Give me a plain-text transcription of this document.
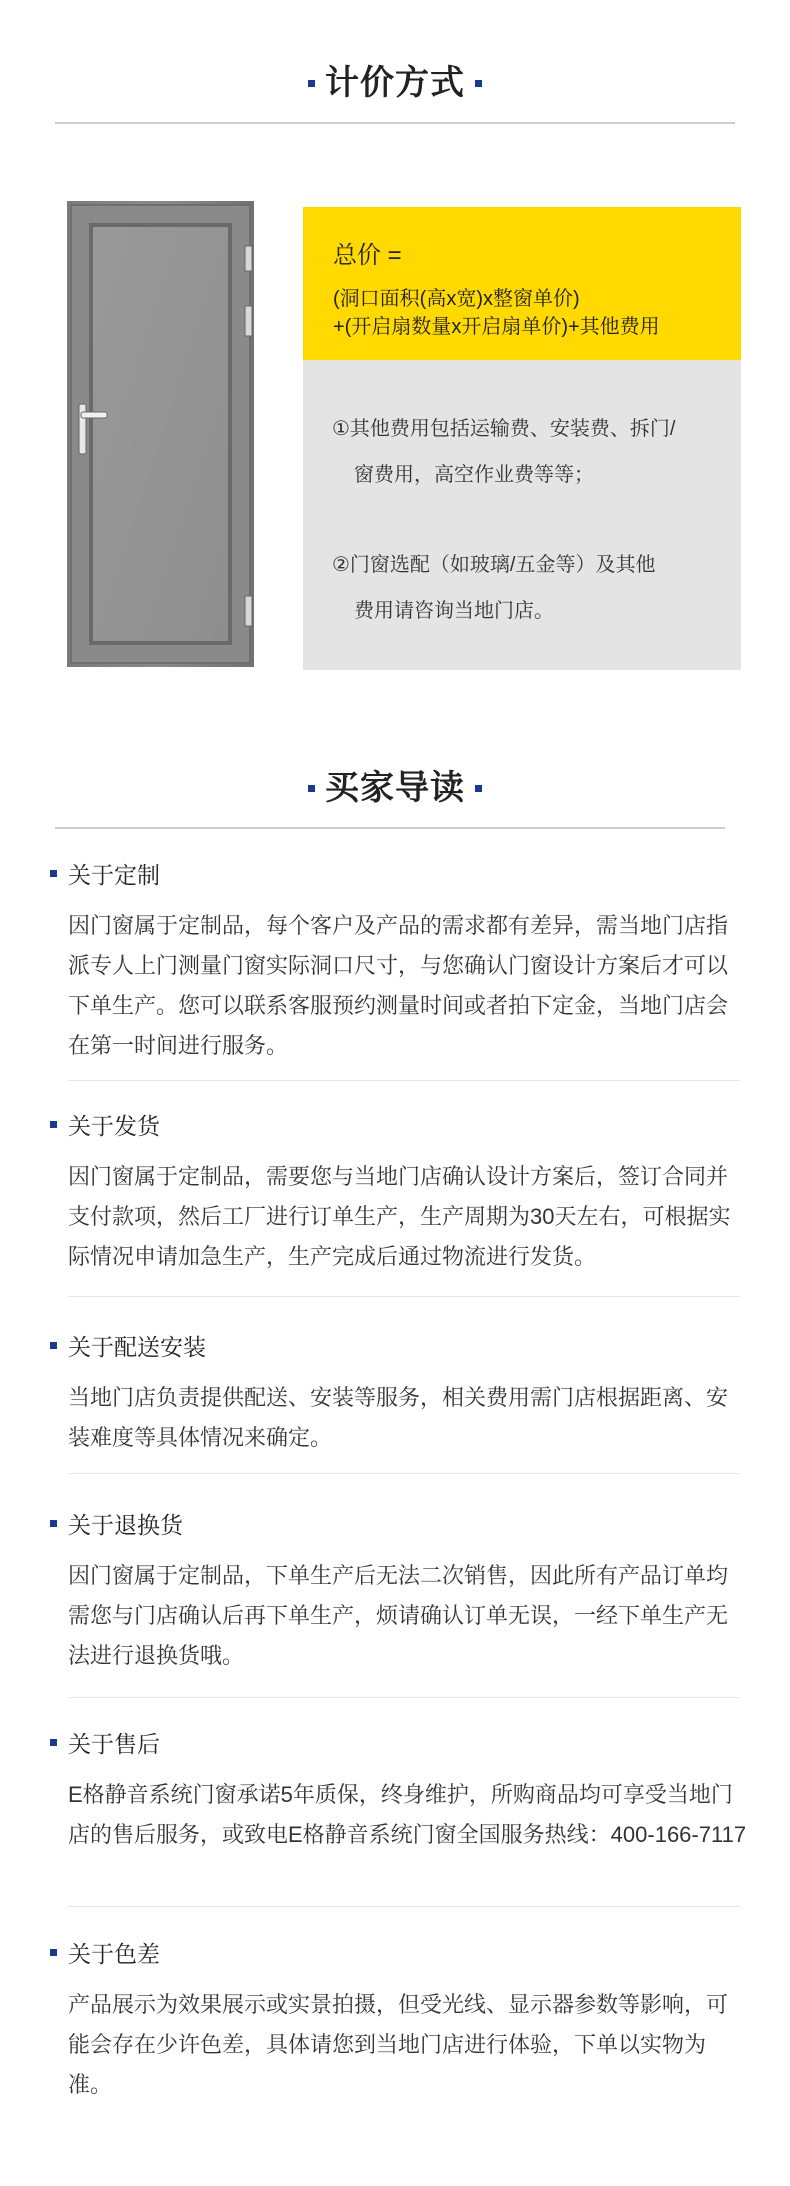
计价方式
总价 =
(洞口面积(高x宽)x整窗单价)
+(开启扇数量x开启扇单价)+其他费用
①其他费用包括运输费、安装费、拆门/
窗费用，高空作业费等等；
②门窗选配（如玻璃/五金等）及其他
费用请咨询当地门店。
买家导读
关于定制
因门窗属于定制品，每个客户及产品的需求都有差异，需当地门店指派专人上门测量门窗实际洞口尺寸，与您确认门窗设计方案后才可以下单生产。您可以联系客服预约测量时间或者拍下定金，当地门店会在第一时间进行服务。
关于发货
因门窗属于定制品，需要您与当地门店确认设计方案后，签订合同并支付款项，然后工厂进行订单生产，生产周期为30天左右，可根据实际情况申请加急生产，生产完成后通过物流进行发货。
关于配送安装
当地门店负责提供配送、安装等服务，相关费用需门店根据距离、安装难度等具体情况来确定。
关于退换货
因门窗属于定制品，下单生产后无法二次销售，因此所有产品订单均需您与门店确认后再下单生产，烦请确认订单无误，一经下单生产无法进行退换货哦。
关于售后
E格静音系统门窗承诺5年质保，终身维护，所购商品均可享受当地门店的售后服务，或致电E格静音系统门窗全国服务热线：400-166-7117
关于色差
产品展示为效果展示或实景拍摄，但受光线、显示器参数等影响，可能会存在少许色差，具体请您到当地门店进行体验，下单以实物为准。
